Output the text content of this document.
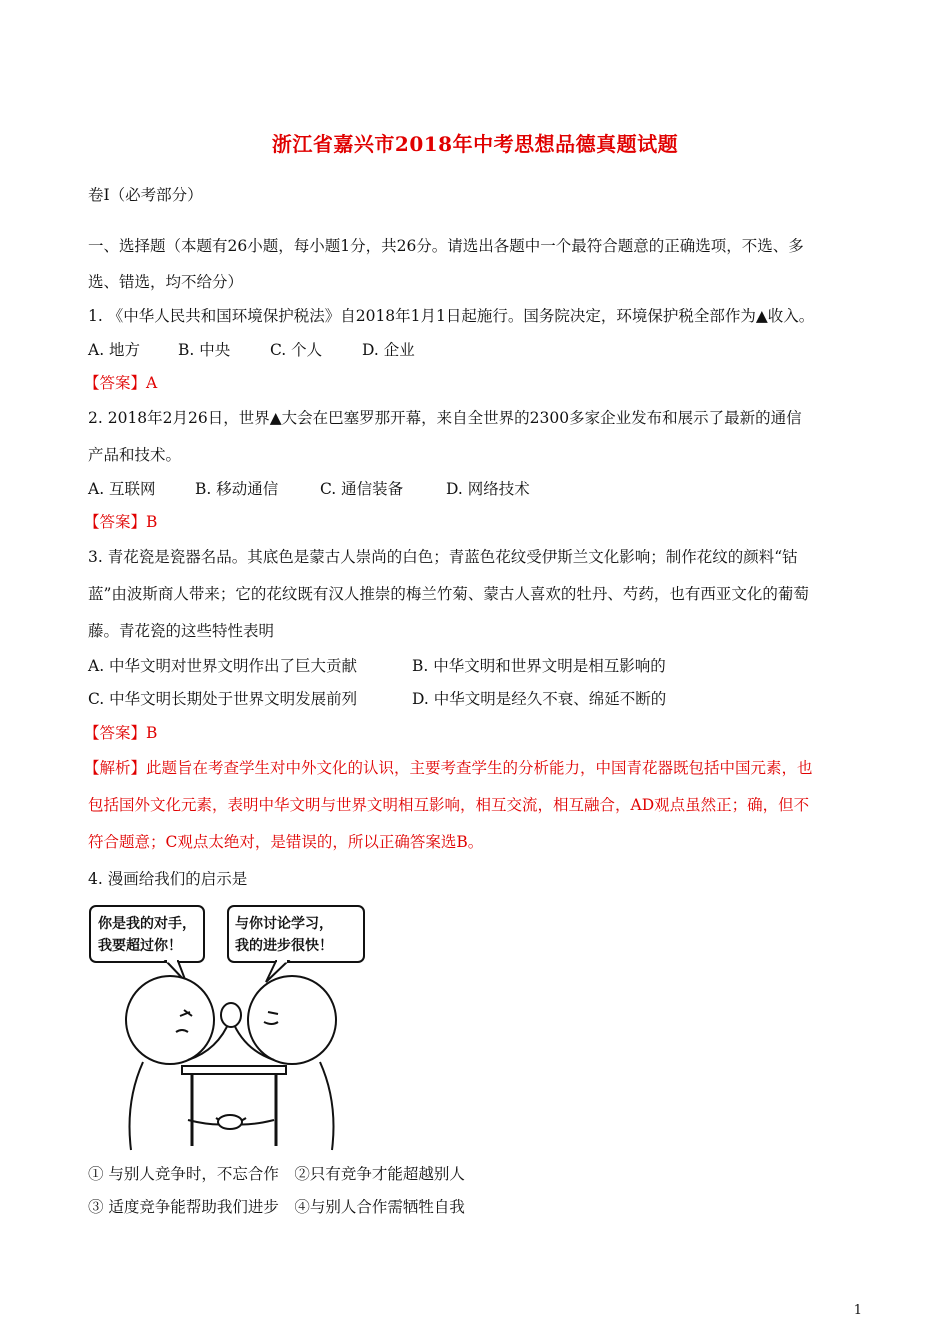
浙江省嘉兴市2018年中考思想品德真题试题
卷Ⅰ（必考部分）
一、选择题（本题有26小题，每小题1分，共26分。请选出各题中一个最符合题意的正确选项，不选、多
选、错选，均不给分）
1. 《中华人民共和国环境保护税法》自2018年1月1日起施行。国务院决定，环境保护税全部作为▲收入。
A. 地方 B. 中央	C. 个人	D. 企业
【答案】A
2. 2018年2月26日，世界▲大会在巴塞罗那开幕，来自全世界的2300多家企业发布和展示了最新的通信
产品和技术。
A. 互联网	B. 移动通信	C. 通信装备	D. 网络技术
【答案】B
3. 青花瓷是瓷器名品。其底色是蒙古人崇尚的白色；青蓝色花纹受伊斯兰文化影响；制作花纹的颜料“钴
蓝”由波斯商人带来；它的花纹既有汉人推崇的梅兰竹菊、蒙古人喜欢的牡丹、芍药，也有西亚文化的葡萄
藤。青花瓷的这些特性表明
A. 中华文明对世界文明作出了巨大贡献	B. 中华文明和世界文明是相互影响的
C. 中华文明长期处于世界文明发展前列	D. 中华文明是经久不衰、绵延不断的
【答案】B
【解析】此题旨在考查学生对中外文化的认识，主要考查学生的分析能力，中国青花器既包括中国元素，也
包括国外文化元素，表明中华文明与世界文明相互影响，相互交流，相互融合，AD观点虽然正；确，但不
符合题意；C观点太绝对，是错误的，所以正确答案选B。
4. 漫画给我们的启示是
你是我的对手，
我要超过你！
与你讨论学习，
我的进步很快！
① 与别人竞争时，不忘合作　②只有竞争才能超越别人
③ 适度竞争能帮助我们进步　④与别人合作需牺牲自我
1
